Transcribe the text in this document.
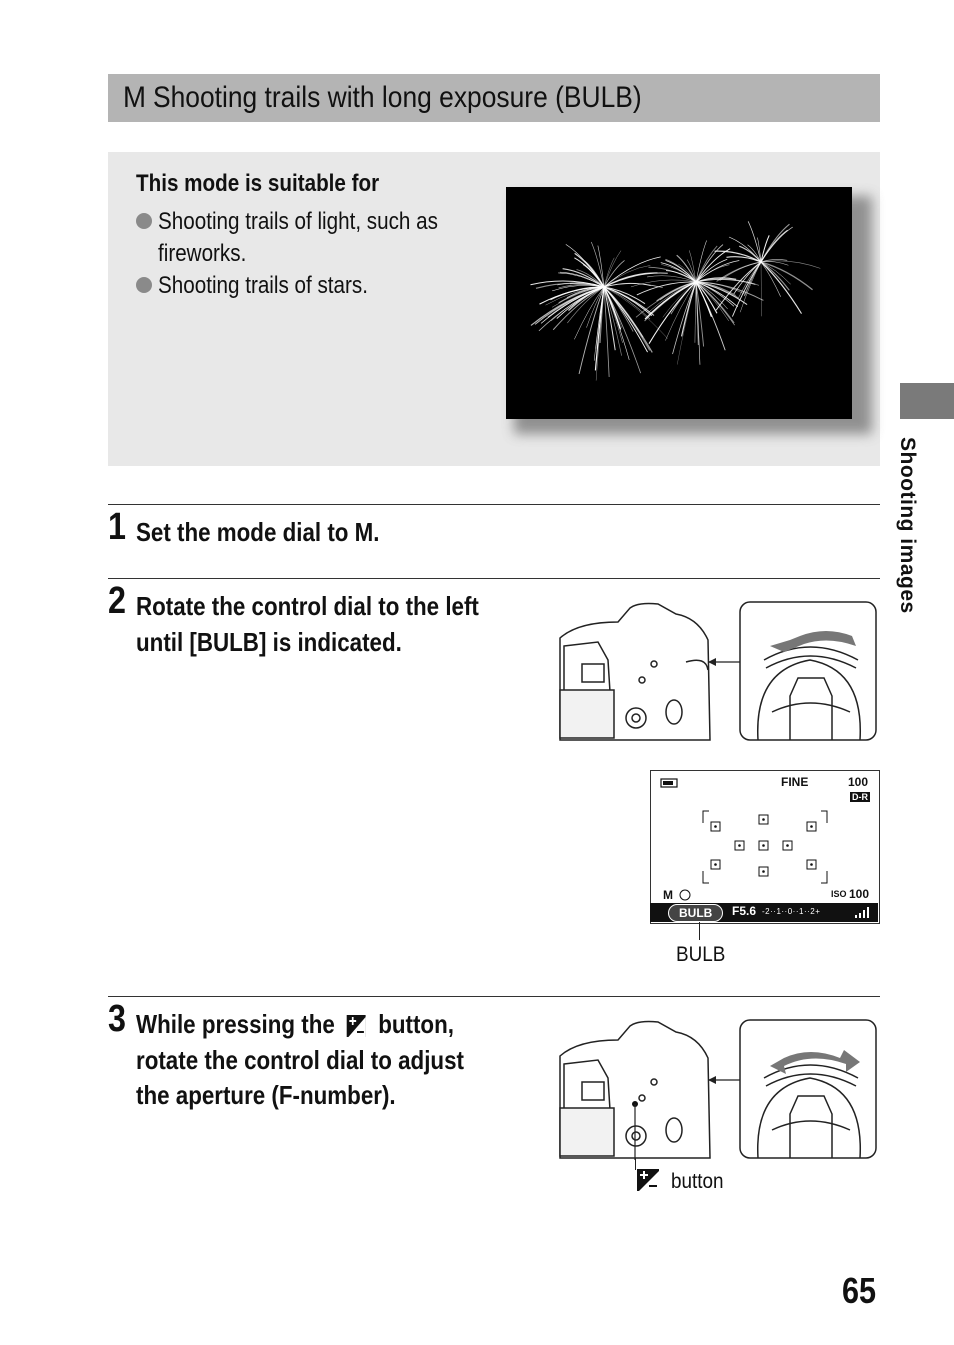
M Shooting trails with long exposure (BULB)
This mode is suitable for
Shooting trails of light, such as
fireworks.
Shooting trails of stars.
1 Set the mode dial to M.
2 Rotate the control dial to the left
until [BULB] is indicated.
FINE	100
D-R
M	ISO 100
BULB	F5.6 -2··1··0··1··2+
BULB
3 While pressing the button,
rotate the control dial to adjust
the aperture (F-number).
button
Shooting images
65
